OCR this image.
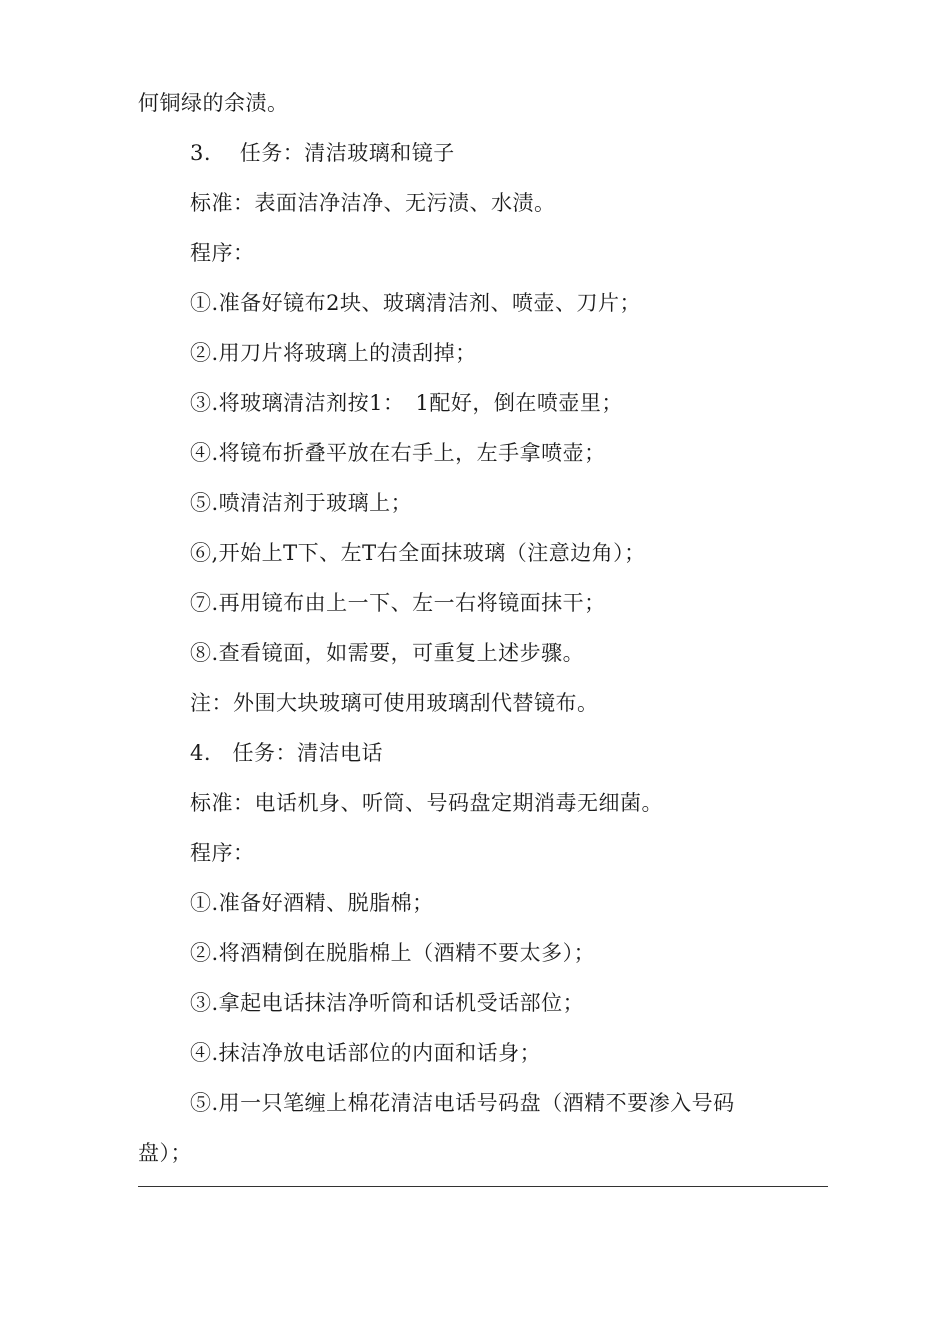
何铜绿的余渍。
3.　 任务：清洁玻璃和镜子
标准：表面洁净洁净、无污渍、水渍。
程序：
①.准备好镜布2块、玻璃清洁剂、喷壶、刀片；
②.用刀片将玻璃上的渍刮掉；
③.将玻璃清洁剂按1：　1配好，倒在喷壶里；
④.将镜布折叠平放在右手上，左手拿喷壶；
⑤.喷清洁剂于玻璃上；
⑥,开始上T下、左T右全面抹玻璃（注意边角）；
⑦.再用镜布由上一下、左一右将镜面抹干；
⑧.查看镜面，如需要，可重复上述步骤。
注：外围大块玻璃可使用玻璃刮代替镜布。
4.　任务：清洁电话
标准：电话机身、听筒、号码盘定期消毒无细菌。
程序：
①.准备好酒精、脱脂棉；
②.将酒精倒在脱脂棉上（酒精不要太多）；
③.拿起电话抹洁净听筒和话机受话部位；
④.抹洁净放电话部位的内面和话身；
⑤.用一只笔缠上棉花清洁电话号码盘（酒精不要渗入号码
盘）；
